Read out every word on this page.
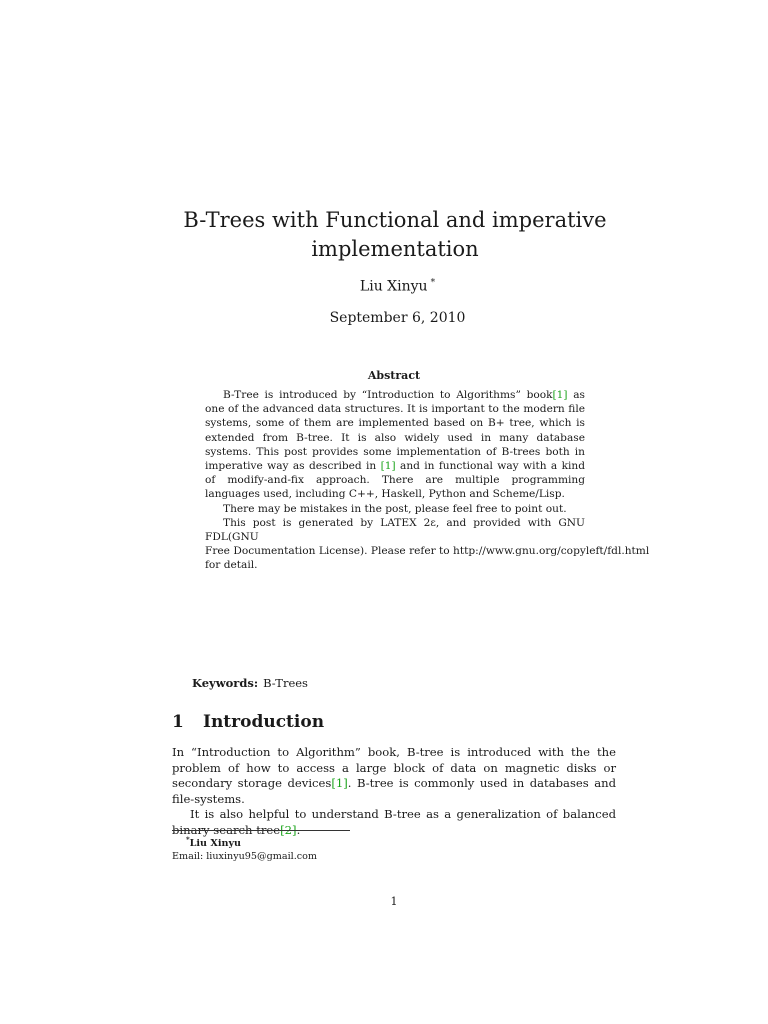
B-Trees with Functional and imperative
implementation
Liu Xinyu *
September 6, 2010
Abstract

B-Tree is introduced by “Introduction to Algorithms” book[1] as one of the advanced data structures. It is important to the modern file systems, some of them are implemented based on B+ tree, which is extended from B-tree. It is also widely used in many database systems. This post provides some implementation of B-trees both in imperative way as described in [1] and in functional way with a kind of modify-and-fix approach. There are multiple programming languages used, including C++, Haskell, Python and Scheme/Lisp.

There may be mistakes in the post, please feel free to point out.

This post is generated by LATEX 2ε, and provided with GNU FDL(GNU

Free Documentation License). Please refer to http://www.gnu.org/copyleft/fdl.html

for detail.

Keywords: B-Trees
1 Introduction

In “Introduction to Algorithm” book, B-tree is introduced with the the problem of how to access a large block of data on magnetic disks or secondary storage devices[1]. B-tree is commonly used in databases and file-systems.

It is also helpful to understand B-tree as a generalization of balanced binary search tree[2].

*Liu Xinyu
Email: liuxinyu95@gmail.com
1
